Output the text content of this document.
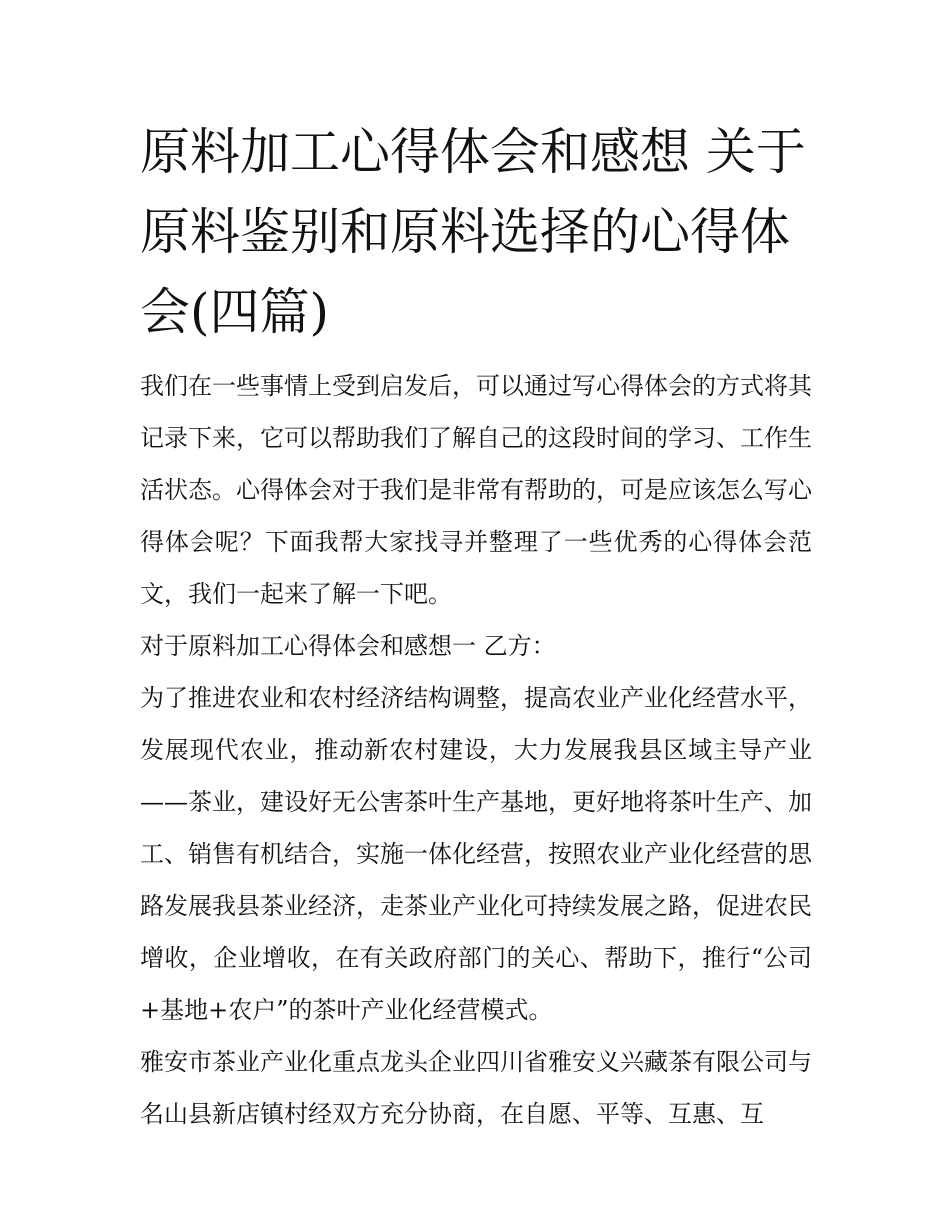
原料加工心得体会和感想 关于
原料鉴别和原料选择的心得体
会(四篇)

我们在一些事情上受到启发后，可以通过写心得体会的方式将其记录下来，它可以帮助我们了解自己的这段时间的学习、工作生活状态。心得体会对于我们是非常有帮助的，可是应该怎么写心得体会呢？下面我帮大家找寻并整理了一些优秀的心得体会范文，我们一起来了解一下吧。

对于原料加工心得体会和感想一 乙方：

为了推进农业和农村经济结构调整，提高农业产业化经营水平，发展现代农业，推动新农村建设，大力发展我县区域主导产业——茶业，建设好无公害茶叶生产基地，更好地将茶叶生产、加工、销售有机结合，实施一体化经营，按照农业产业化经营的思路发展我县茶业经济，走茶业产业化可持续发展之路，促进农民增收，企业增收，在有关政府部门的关心、帮助下，推行“公司+基地+农户”的茶叶产业化经营模式。

雅安市茶业产业化重点龙头企业四川省雅安义兴藏茶有限公司与名山县新店镇村经双方充分协商，在自愿、平等、互惠、互
